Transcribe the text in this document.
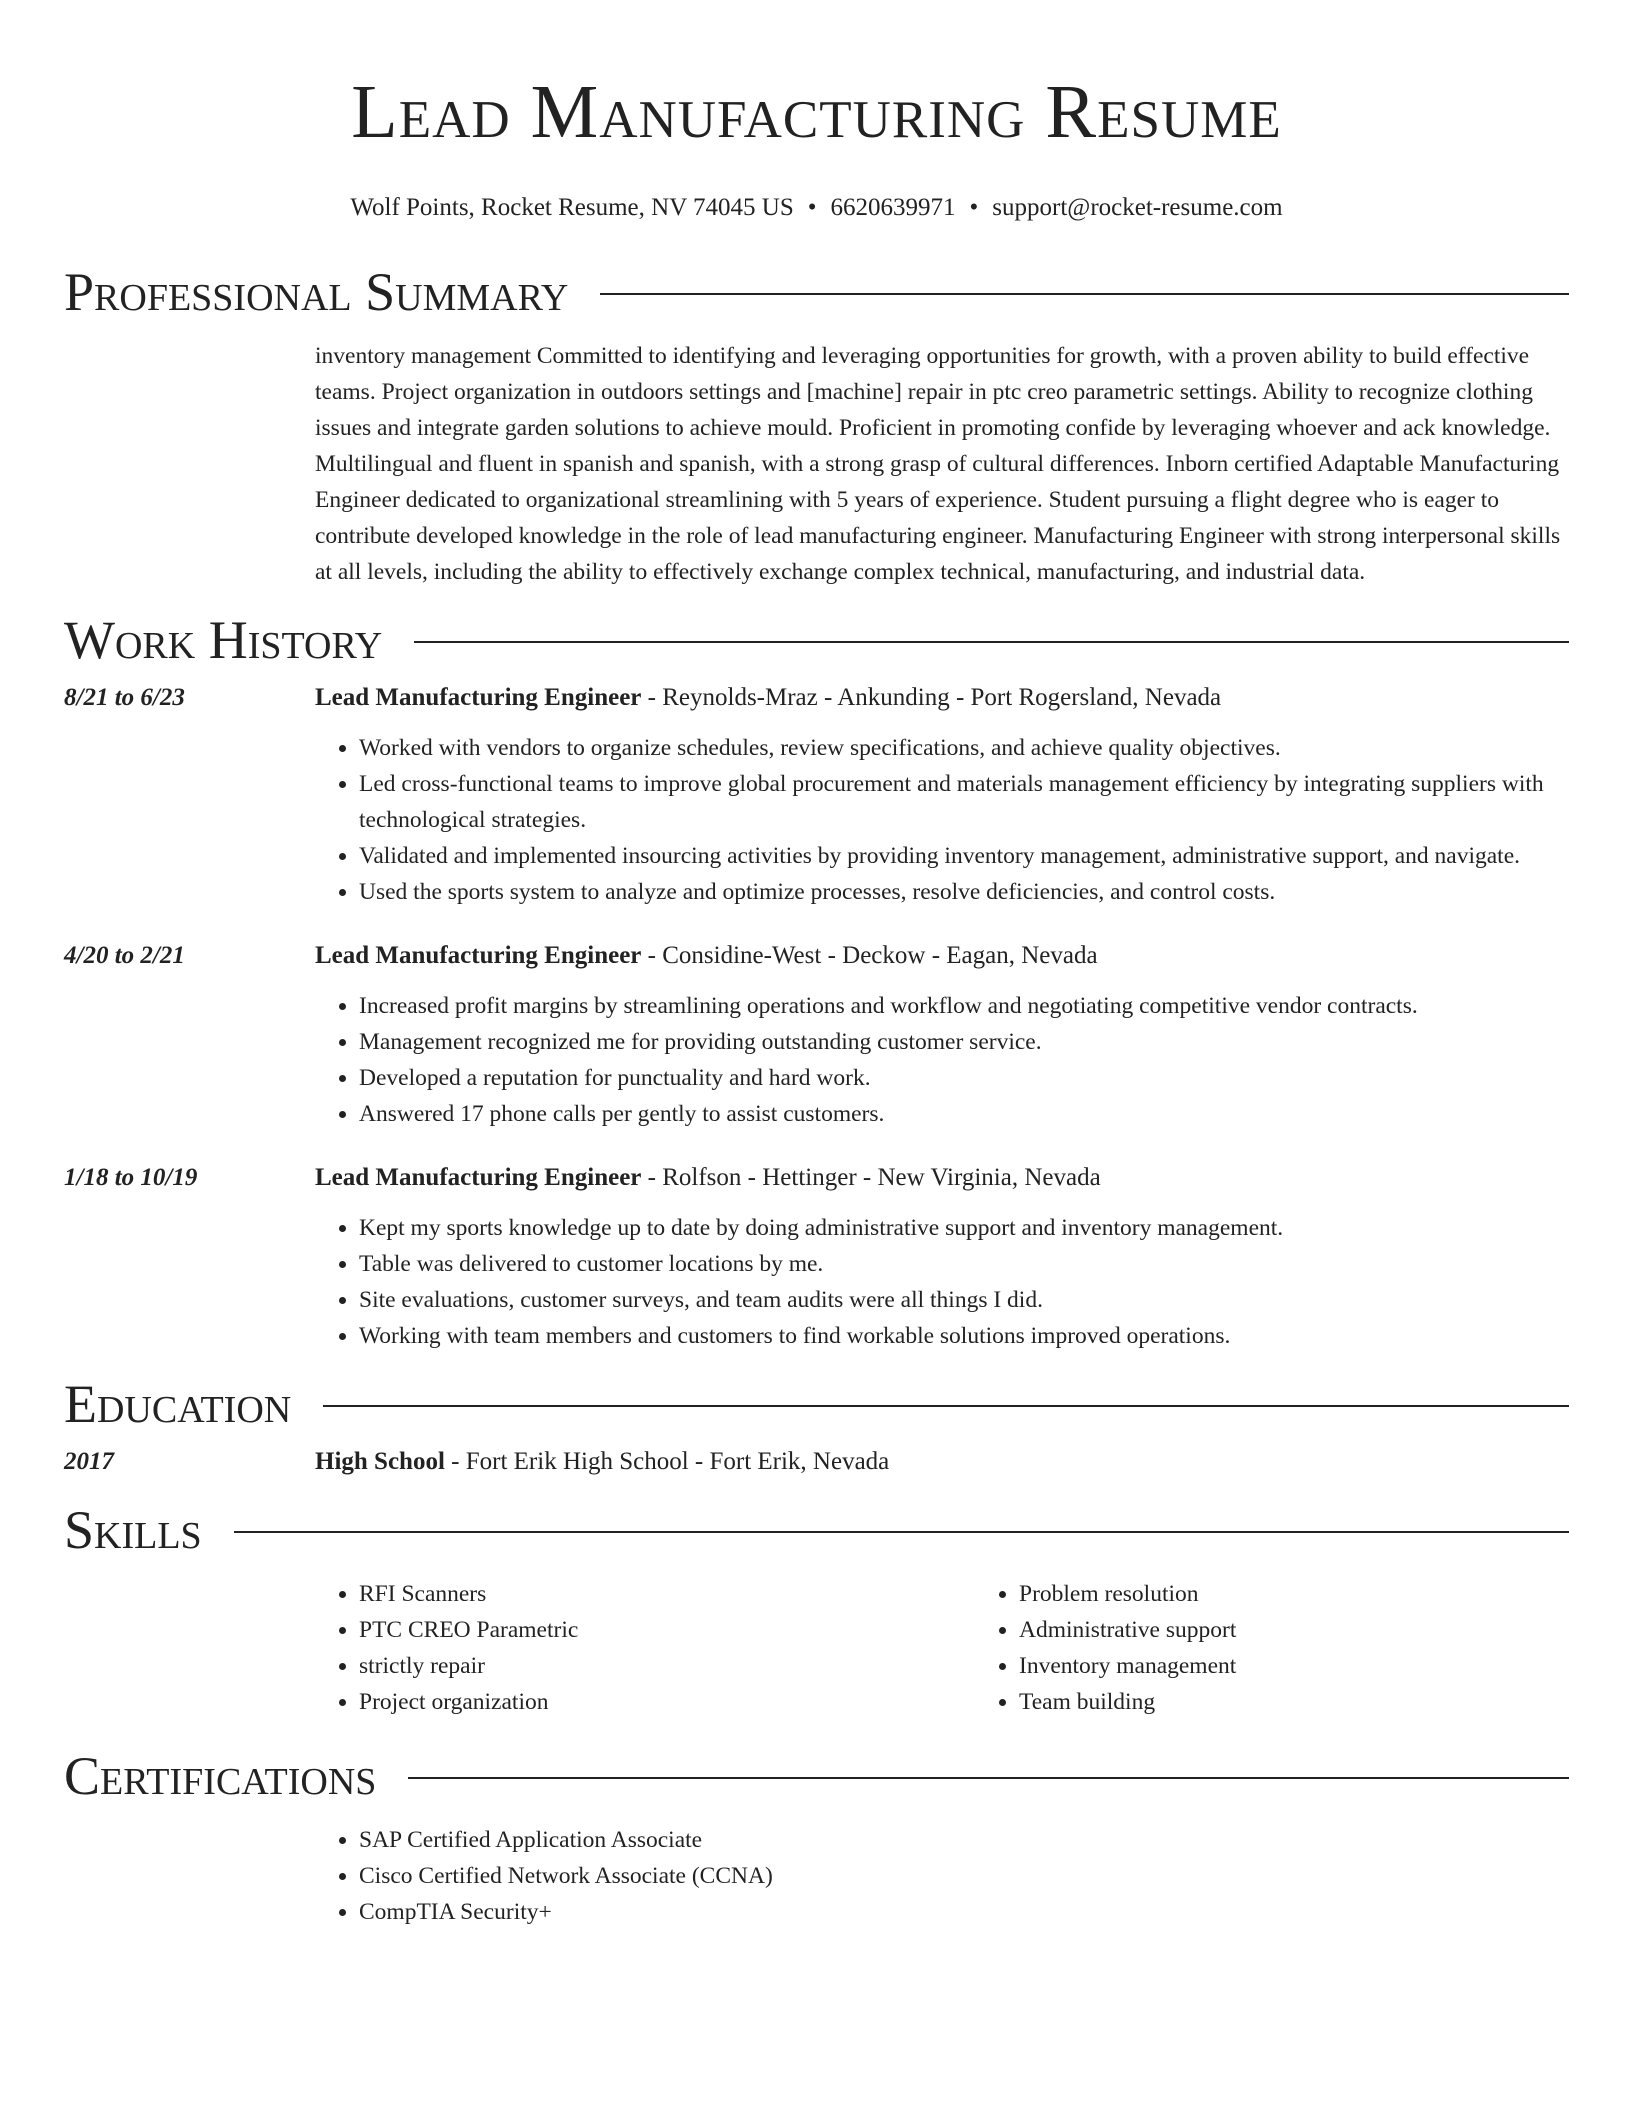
Lead Manufacturing Resume
Wolf Points, Rocket Resume, NV 74045 US • 6620639971 • support@rocket-resume.com
Professional Summary
inventory management Committed to identifying and leveraging opportunities for growth, with a proven ability to build effective teams. Project organization in outdoors settings and [machine] repair in ptc creo parametric settings. Ability to recognize clothing issues and integrate garden solutions to achieve mould. Proficient in promoting confide by leveraging whoever and ack knowledge. Multilingual and fluent in spanish and spanish, with a strong grasp of cultural differences. Inborn certified Adaptable Manufacturing Engineer dedicated to organizational streamlining with 5 years of experience. Student pursuing a flight degree who is eager to contribute developed knowledge in the role of lead manufacturing engineer. Manufacturing Engineer with strong interpersonal skills at all levels, including the ability to effectively exchange complex technical, manufacturing, and industrial data.
Work History
8/21 to 6/23	Lead Manufacturing Engineer - Reynolds-Mraz - Ankunding - Port Rogersland, Nevada
• Worked with vendors to organize schedules, review specifications, and achieve quality objectives.
• Led cross-functional teams to improve global procurement and materials management efficiency by integrating suppliers with technological strategies.
• Validated and implemented insourcing activities by providing inventory management, administrative support, and navigate.
• Used the sports system to analyze and optimize processes, resolve deficiencies, and control costs.
4/20 to 2/21	Lead Manufacturing Engineer - Considine-West - Deckow - Eagan, Nevada
• Increased profit margins by streamlining operations and workflow and negotiating competitive vendor contracts.
• Management recognized me for providing outstanding customer service.
• Developed a reputation for punctuality and hard work.
• Answered 17 phone calls per gently to assist customers.
1/18 to 10/19	Lead Manufacturing Engineer - Rolfson - Hettinger - New Virginia, Nevada
• Kept my sports knowledge up to date by doing administrative support and inventory management.
• Table was delivered to customer locations by me.
• Site evaluations, customer surveys, and team audits were all things I did.
• Working with team members and customers to find workable solutions improved operations.
Education
2017	High School - Fort Erik High School - Fort Erik, Nevada
Skills
• RFI Scanners
• PTC CREO Parametric
• strictly repair
• Project organization
• Problem resolution
• Administrative support
• Inventory management
• Team building
Certifications
• SAP Certified Application Associate
• Cisco Certified Network Associate (CCNA)
• CompTIA Security+
